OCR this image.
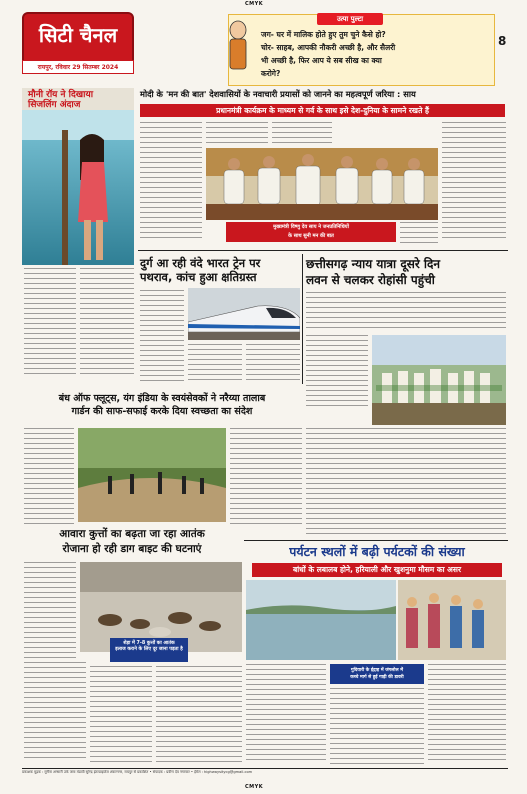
CMYK
सिटी चैनल
रायपुर, रविवार 29 सितम्बर 2024
उत्पा पुल्टा

जग- घर में मालिक होते हुए तुम चुने कैसे हो?

चोर- साहब, आपकी नौकरी अच्छी है, और सैलरी

भी अच्छी है, फिर आप ये सब सीख का क्या

करोगे?

8
मौनी रॉय ने दिखाया
सिजलिंग अंदाज
मोदी के 'मन की बात' देशवासियों के नवाचारी प्रयासों को जानने का महत्वपूर्ण जरिया : साय
प्रधानमंत्री कार्यक्रम के माध्यम से गर्व के साथ इसे देश-दुनिया के सामने रखते हैं
मुख्यमंत्री विष्णु देव साय ने जनप्रतिनिधियों
के साथ सुनी मन की बात
दुर्ग आ रही वंदे भारत ट्रेन पर
पथराव, कांच हुआ क्षतिग्रस्त
छत्तीसगढ़ न्याय यात्रा दूसरे दिन
लवन से चलकर रोहांसी पहुंची
बंध ऑफ फ्लूट्स, यंग इंडिया के स्वयंसेवकों ने नरैय्या तालाब
गार्डन की साफ-सफाई करके दिया स्वच्छता का संदेश
आवारा कुत्तों का बढ़ता जा रहा आतंक
रोजाना हो रही डाग बाइट की घटनाएं
शेड़ा में 7-8 कुत्तों का आतंक
इलाज कराने के लिए दूर जाना पड़ता है
पर्यटन स्थलों में बढ़ी पर्यटकों की संख्या
बांधों के लबालब होने, हरियाली और खुशनुमा मौसम का असर
गुदियारी के ईद्गाह में जंगलोल में
कच्चे मार्ग से हुई गाड़ी की डावरी
प्रकाशक मुद्रक : मुनीरा अन्सारी उर्फ जमा मंडावी सुरेन्द्र इंटरप्राइजेज शंकरनगर, रायपुर से प्रकाशित • संपादक : प्रवीण देव नगरकर • ईमेल : highwaysitycg@gmail.com
CMYK
